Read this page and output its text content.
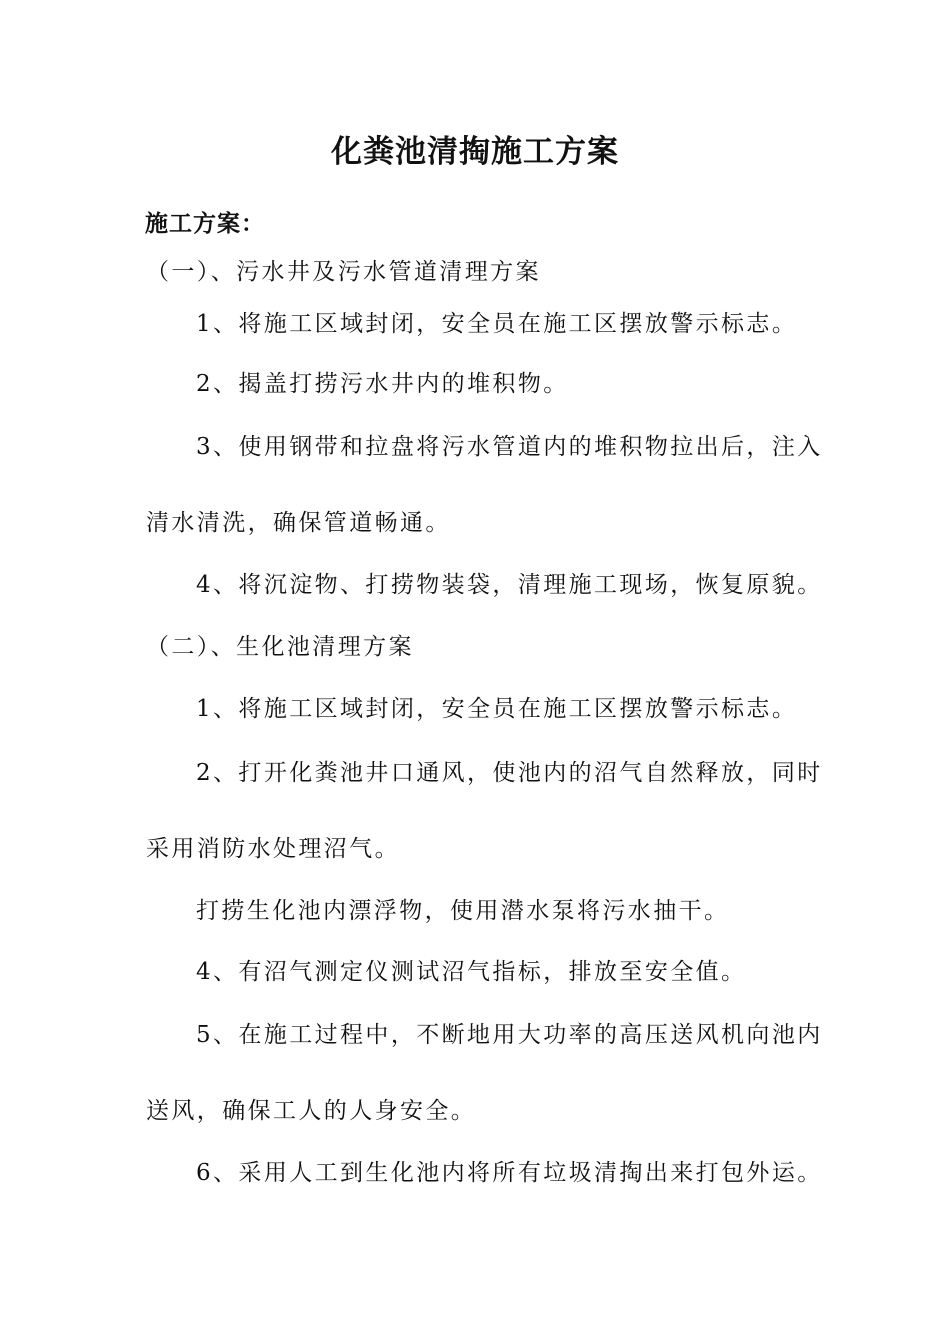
化粪池清掏施工方案
施工方案：
（一）、污水井及污水管道清理方案
1、将施工区域封闭，安全员在施工区摆放警示标志。
2、揭盖打捞污水井内的堆积物。
3、使用钢带和拉盘将污水管道内的堆积物拉出后，注入
清水清洗，确保管道畅通。
4、将沉淀物、打捞物装袋，清理施工现场，恢复原貌。
（二）、生化池清理方案
1、将施工区域封闭，安全员在施工区摆放警示标志。
2、打开化粪池井口通风，使池内的沼气自然释放，同时
采用消防水处理沼气。
打捞生化池内漂浮物，使用潜水泵将污水抽干。
4、有沼气测定仪测试沼气指标，排放至安全值。
5、在施工过程中，不断地用大功率的高压送风机向池内
送风，确保工人的人身安全。
6、采用人工到生化池内将所有垃圾清掏出来打包外运。
